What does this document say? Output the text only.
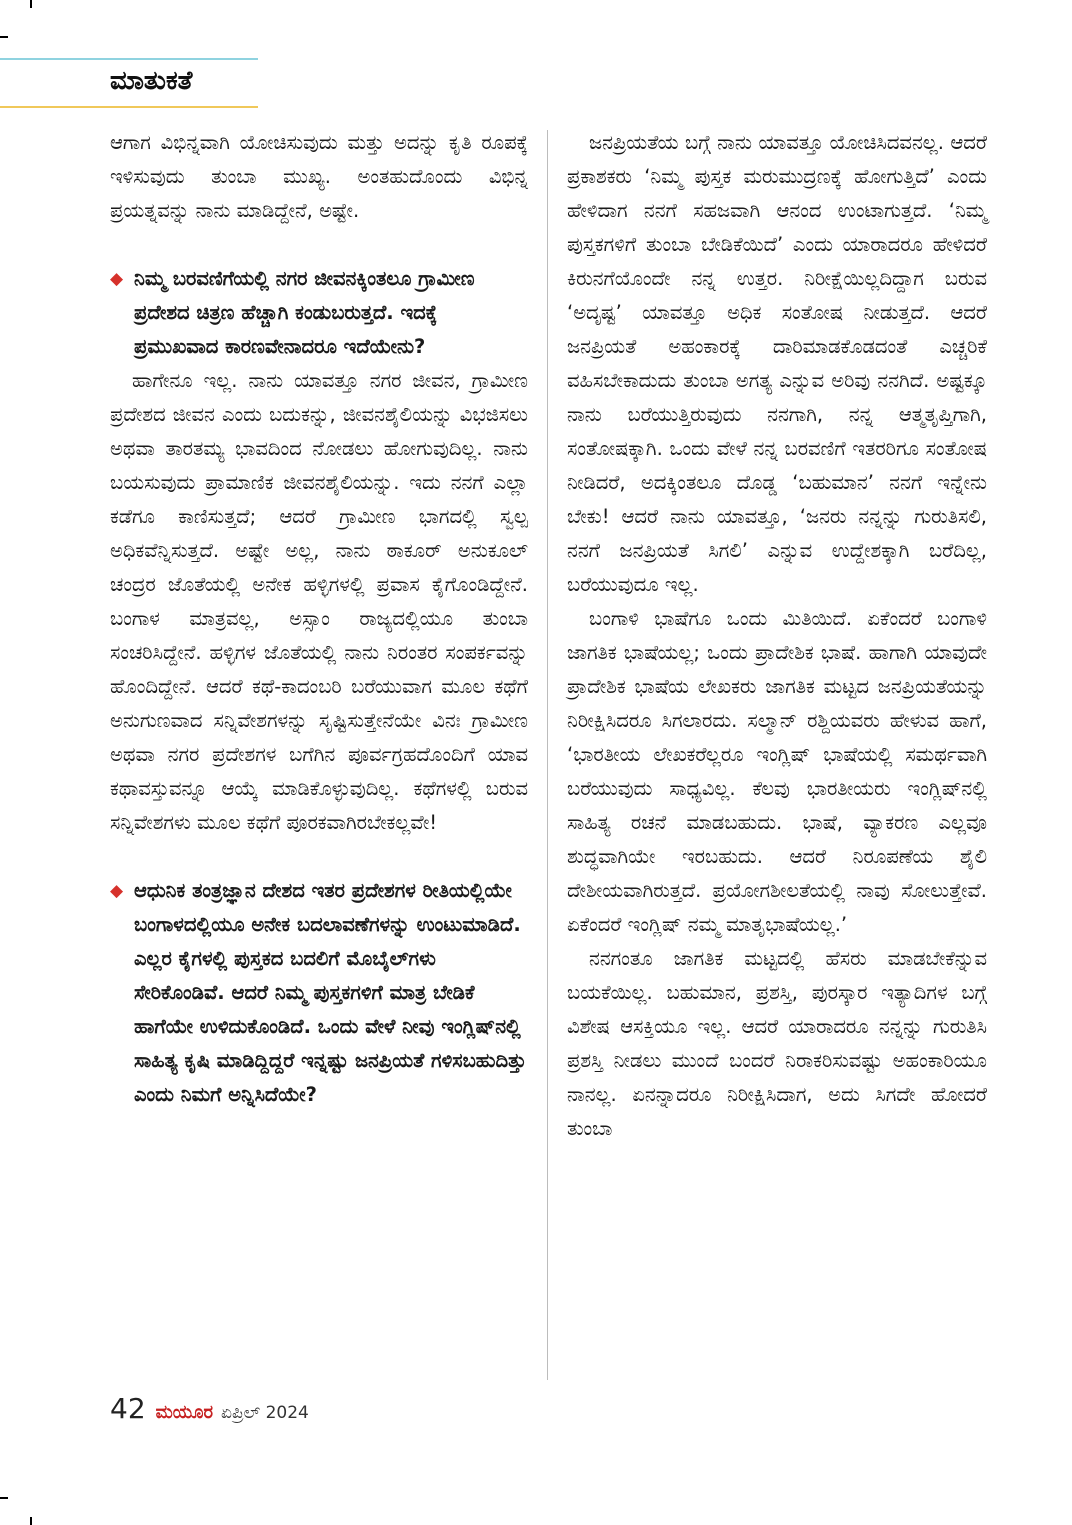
ಮಾತುಕತೆ

ಆಗಾಗ ವಿಭಿನ್ನವಾಗಿ ಯೋಚಿಸುವುದು ಮತ್ತು ಅದನ್ನು ಕೃತಿ ರೂಪಕ್ಕೆ ಇಳಿಸುವುದು ತುಂಬಾ ಮುಖ್ಯ. ಅಂತಹುದೊಂದು ವಿಭಿನ್ನ ಪ್ರಯತ್ನವನ್ನು ನಾನು ಮಾಡಿದ್ದೇನೆ, ಅಷ್ಟೇ.

◆ ನಿಮ್ಮ ಬರವಣಿಗೆಯಲ್ಲಿ ನಗರ ಜೀವನಕ್ಕಿಂತಲೂ ಗ್ರಾಮೀಣ ಪ್ರದೇಶದ ಚಿತ್ರಣ ಹೆಚ್ಚಾಗಿ ಕಂಡುಬರುತ್ತದೆ. ಇದಕ್ಕೆ ಪ್ರಮುಖವಾದ ಕಾರಣವೇನಾದರೂ ಇದೆಯೇನು?

ಹಾಗೇನೂ ಇಲ್ಲ. ನಾನು ಯಾವತ್ತೂ ನಗರ ಜೀವನ, ಗ್ರಾಮೀಣ ಪ್ರದೇಶದ ಜೀವನ ಎಂದು ಬದುಕನ್ನು, ಜೀವನಶೈಲಿಯನ್ನು ವಿಭಜಿಸಲು ಅಥವಾ ತಾರತಮ್ಯ ಭಾವದಿಂದ ನೋಡಲು ಹೋಗುವುದಿಲ್ಲ. ನಾನು ಬಯಸುವುದು ಪ್ರಾಮಾಣಿಕ ಜೀವನಶೈಲಿಯನ್ನು. ಇದು ನನಗೆ ಎಲ್ಲಾ ಕಡೆಗೂ ಕಾಣಿಸುತ್ತದೆ; ಆದರೆ ಗ್ರಾಮೀಣ ಭಾಗದಲ್ಲಿ ಸ್ವಲ್ಪ ಅಧಿಕವೆನ್ನಿಸುತ್ತದೆ. ಅಷ್ಟೇ ಅಲ್ಲ, ನಾನು ಠಾಕೂರ್ ಅನುಕೂಲ್ ಚಂದ್ರರ ಜೊತೆಯಲ್ಲಿ ಅನೇಕ ಹಳ್ಳಿಗಳಲ್ಲಿ ಪ್ರವಾಸ ಕೈಗೊಂಡಿದ್ದೇನೆ. ಬಂಗಾಳ ಮಾತ್ರವಲ್ಲ, ಅಸ್ಸಾಂ ರಾಜ್ಯದಲ್ಲಿಯೂ ತುಂಬಾ ಸಂಚರಿಸಿದ್ದೇನೆ. ಹಳ್ಳಿಗಳ ಜೊತೆಯಲ್ಲಿ ನಾನು ನಿರಂತರ ಸಂಪರ್ಕವನ್ನು ಹೊಂದಿದ್ದೇನೆ. ಆದರೆ ಕಥೆ-ಕಾದಂಬರಿ ಬರೆಯುವಾಗ ಮೂಲ ಕಥೆಗೆ ಅನುಗುಣವಾದ ಸನ್ನಿವೇಶಗಳನ್ನು ಸೃಷ್ಟಿಸುತ್ತೇನೆಯೇ ವಿನಃ ಗ್ರಾಮೀಣ ಅಥವಾ ನಗರ ಪ್ರದೇಶಗಳ ಬಗೆಗಿನ ಪೂರ್ವಗ್ರಹದೊಂದಿಗೆ ಯಾವ ಕಥಾವಸ್ತುವನ್ನೂ ಆಯ್ಕೆ ಮಾಡಿಕೊಳ್ಳುವುದಿಲ್ಲ. ಕಥೆಗಳಲ್ಲಿ ಬರುವ ಸನ್ನಿವೇಶಗಳು ಮೂಲ ಕಥೆಗೆ ಪೂರಕವಾಗಿರಬೇಕಲ್ಲವೇ!

◆ ಆಧುನಿಕ ತಂತ್ರಜ್ಞಾನ ದೇಶದ ಇತರ ಪ್ರದೇಶಗಳ ರೀತಿಯಲ್ಲಿಯೇ ಬಂಗಾಳದಲ್ಲಿಯೂ ಅನೇಕ ಬದಲಾವಣೆಗಳನ್ನು ಉಂಟುಮಾಡಿದೆ. ಎಲ್ಲರ ಕೈಗಳಲ್ಲಿ ಪುಸ್ತಕದ ಬದಲಿಗೆ ಮೊಬೈಲ್‌ಗಳು ಸೇರಿಕೊಂಡಿವೆ. ಆದರೆ ನಿಮ್ಮ ಪುಸ್ತಕಗಳಿಗೆ ಮಾತ್ರ ಬೇಡಿಕೆ ಹಾಗೆಯೇ ಉಳಿದುಕೊಂಡಿದೆ. ಒಂದು ವೇಳೆ ನೀವು ಇಂಗ್ಲಿಷ್‌ನಲ್ಲಿ ಸಾಹಿತ್ಯ ಕೃಷಿ ಮಾಡಿದ್ದಿದ್ದರೆ ಇನ್ನಷ್ಟು ಜನಪ್ರಿಯತೆ ಗಳಿಸಬಹುದಿತ್ತು ಎಂದು ನಿಮಗೆ ಅನ್ನಿಸಿದೆಯೇ?

ಜನಪ್ರಿಯತೆಯ ಬಗ್ಗೆ ನಾನು ಯಾವತ್ತೂ ಯೋಚಿಸಿದವನಲ್ಲ. ಆದರೆ ಪ್ರಕಾಶಕರು ‘ನಿಮ್ಮ ಪುಸ್ತಕ ಮರುಮುದ್ರಣಕ್ಕೆ ಹೋಗುತ್ತಿದೆ’ ಎಂದು ಹೇಳಿದಾಗ ನನಗೆ ಸಹಜವಾಗಿ ಆನಂದ ಉಂಟಾಗುತ್ತದೆ. ‘ನಿಮ್ಮ ಪುಸ್ತಕಗಳಿಗೆ ತುಂಬಾ ಬೇಡಿಕೆಯಿದೆ’ ಎಂದು ಯಾರಾದರೂ ಹೇಳಿದರೆ ಕಿರುನಗೆಯೊಂದೇ ನನ್ನ ಉತ್ತರ. ನಿರೀಕ್ಷೆಯಿಲ್ಲದಿದ್ದಾಗ ಬರುವ ‘ಅದೃಷ್ಟ’ ಯಾವತ್ತೂ ಅಧಿಕ ಸಂತೋಷ ನೀಡುತ್ತದೆ. ಆದರೆ ಜನಪ್ರಿಯತೆ ಅಹಂಕಾರಕ್ಕೆ ದಾರಿಮಾಡಕೊಡದಂತೆ ಎಚ್ಚರಿಕೆ ವಹಿಸಬೇಕಾದುದು ತುಂಬಾ ಅಗತ್ಯ ಎನ್ನುವ ಅರಿವು ನನಗಿದೆ. ಅಷ್ಟಕ್ಕೂ ನಾನು ಬರೆಯುತ್ತಿರುವುದು ನನಗಾಗಿ, ನನ್ನ ಆತ್ಮತೃಪ್ತಿಗಾಗಿ, ಸಂತೋಷಕ್ಕಾಗಿ. ಒಂದು ವೇಳೆ ನನ್ನ ಬರವಣಿಗೆ ಇತರರಿಗೂ ಸಂತೋಷ ನೀಡಿದರೆ, ಅದಕ್ಕಿಂತಲೂ ದೊಡ್ಡ ‘ಬಹುಮಾನ’ ನನಗೆ ಇನ್ನೇನು ಬೇಕು! ಆದರೆ ನಾನು ಯಾವತ್ತೂ, ‘ಜನರು ನನ್ನನ್ನು ಗುರುತಿಸಲಿ, ನನಗೆ ಜನಪ್ರಿಯತೆ ಸಿಗಲಿ’ ಎನ್ನುವ ಉದ್ದೇಶಕ್ಕಾಗಿ ಬರೆದಿಲ್ಲ, ಬರೆಯುವುದೂ ಇಲ್ಲ.

ಬಂಗಾಳಿ ಭಾಷೆಗೂ ಒಂದು ಮಿತಿಯಿದೆ. ಏಕೆಂದರೆ ಬಂಗಾಳಿ ಜಾಗತಿಕ ಭಾಷೆಯಲ್ಲ; ಒಂದು ಪ್ರಾದೇಶಿಕ ಭಾಷೆ. ಹಾಗಾಗಿ ಯಾವುದೇ ಪ್ರಾದೇಶಿಕ ಭಾಷೆಯ ಲೇಖಕರು ಜಾಗತಿಕ ಮಟ್ಟದ ಜನಪ್ರಿಯತೆಯನ್ನು ನಿರೀಕ್ಷಿಸಿದರೂ ಸಿಗಲಾರದು. ಸಲ್ಮಾನ್ ರಶ್ದಿಯವರು ಹೇಳುವ ಹಾಗೆ, ‘ಭಾರತೀಯ ಲೇಖಕರೆಲ್ಲರೂ ಇಂಗ್ಲಿಷ್ ಭಾಷೆಯಲ್ಲಿ ಸಮರ್ಥವಾಗಿ ಬರೆಯುವುದು ಸಾಧ್ಯವಿಲ್ಲ. ಕೆಲವು ಭಾರತೀಯರು ಇಂಗ್ಲಿಷ್‌ನಲ್ಲಿ ಸಾಹಿತ್ಯ ರಚನೆ ಮಾಡಬಹುದು. ಭಾಷೆ, ವ್ಯಾಕರಣ ಎಲ್ಲವೂ ಶುದ್ಧವಾಗಿಯೇ ಇರಬಹುದು. ಆದರೆ ನಿರೂಪಣೆಯ ಶೈಲಿ ದೇಶೀಯವಾಗಿರುತ್ತದೆ. ಪ್ರಯೋಗಶೀಲತೆಯಲ್ಲಿ ನಾವು ಸೋಲುತ್ತೇವೆ. ಏಕೆಂದರೆ ಇಂಗ್ಲಿಷ್ ನಮ್ಮ ಮಾತೃಭಾಷೆಯಲ್ಲ.’

ನನಗಂತೂ ಜಾಗತಿಕ ಮಟ್ಟದಲ್ಲಿ ಹೆಸರು ಮಾಡಬೇಕೆನ್ನುವ ಬಯಕೆಯಿಲ್ಲ. ಬಹುಮಾನ, ಪ್ರಶಸ್ತಿ, ಪುರಸ್ಕಾರ ಇತ್ಯಾದಿಗಳ ಬಗ್ಗೆ ವಿಶೇಷ ಆಸಕ್ತಿಯೂ ಇಲ್ಲ. ಆದರೆ ಯಾರಾದರೂ ನನ್ನನ್ನು ಗುರುತಿಸಿ ಪ್ರಶಸ್ತಿ ನೀಡಲು ಮುಂದೆ ಬಂದರೆ ನಿರಾಕರಿಸುವಷ್ಟು ಅಹಂಕಾರಿಯೂ ನಾನಲ್ಲ. ಏನನ್ನಾದರೂ ನಿರೀಕ್ಷಿಸಿದಾಗ, ಅದು ಸಿಗದೇ ಹೋದರೆ ತುಂಬಾ

42 ಮಯೂರ ಏಪ್ರಿಲ್ 2024
